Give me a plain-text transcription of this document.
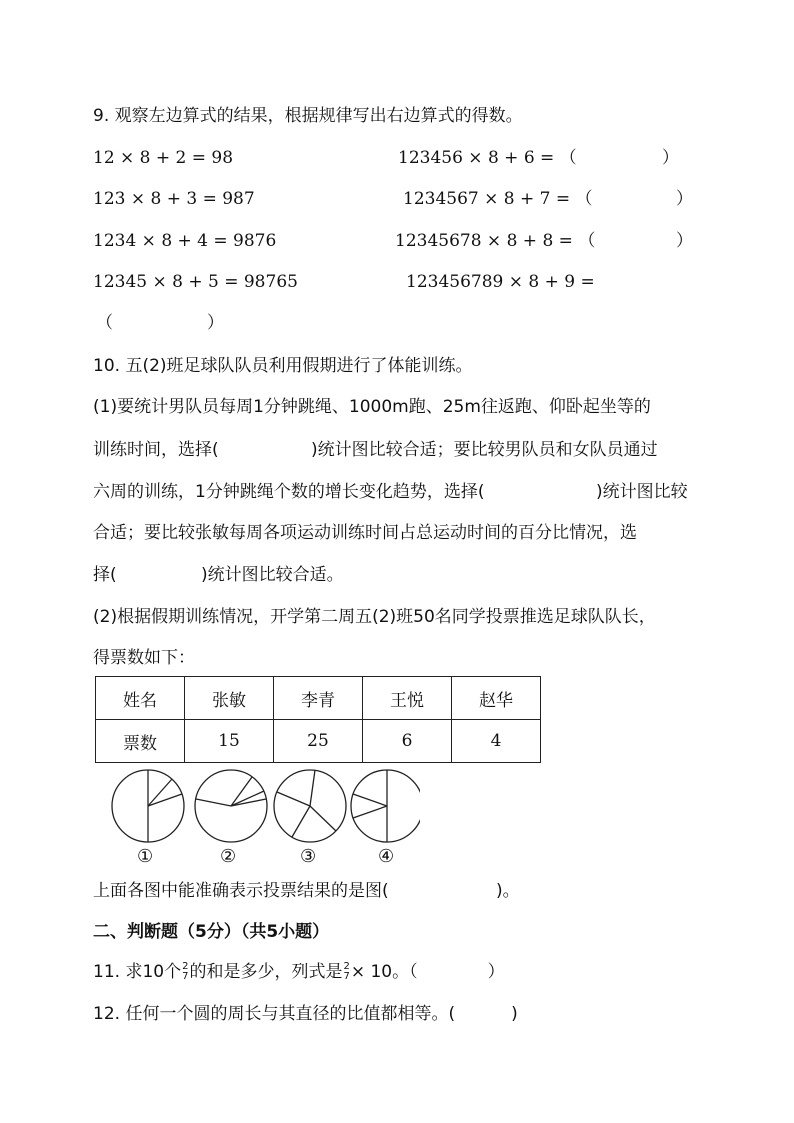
9. 观察左边算式的结果，根据规律写出右边算式的得数。
12 × 8 + 2 = 98
123 × 8 + 3 = 987
1234 × 8 + 4 = 9876
12345 × 8 + 5 = 98765
123456 × 8 + 6 = （	）
1234567 × 8 + 7 = （	）
12345678 × 8 + 8 = （	）
123456789 × 8 + 9 =
（	）
10. 五(2)班足球队队员利用假期进行了体能训练。
(1)要统计男队员每周1分钟跳绳、1000m跑、25m往返跑、仰卧起坐等的
训练时间，选择(	)统计图比较合适；要比较男队员和女队员通过
六周的训练，1分钟跳绳个数的增长变化趋势，选择(	)统计图比较
合适；要比较张敏每周各项运动训练时间占总运动时间的百分比情况，选
择(	)统计图比较合适。
(2)根据假期训练情况，开学第二周五(2)班50名同学投票推选足球队队长，
得票数如下：
姓名	张敏	李青	王悦	赵华
票数	15	25	6	4
①	②	③	④
上面各图中能准确表示投票结果的是图(	)。
二、判断题（5分）（共5小题）
11. 求10个 2
7 的和是多少，列式是 2
7 × 10。（	）
12. 任何一个圆的周长与其直径的比值都相等。(	)
